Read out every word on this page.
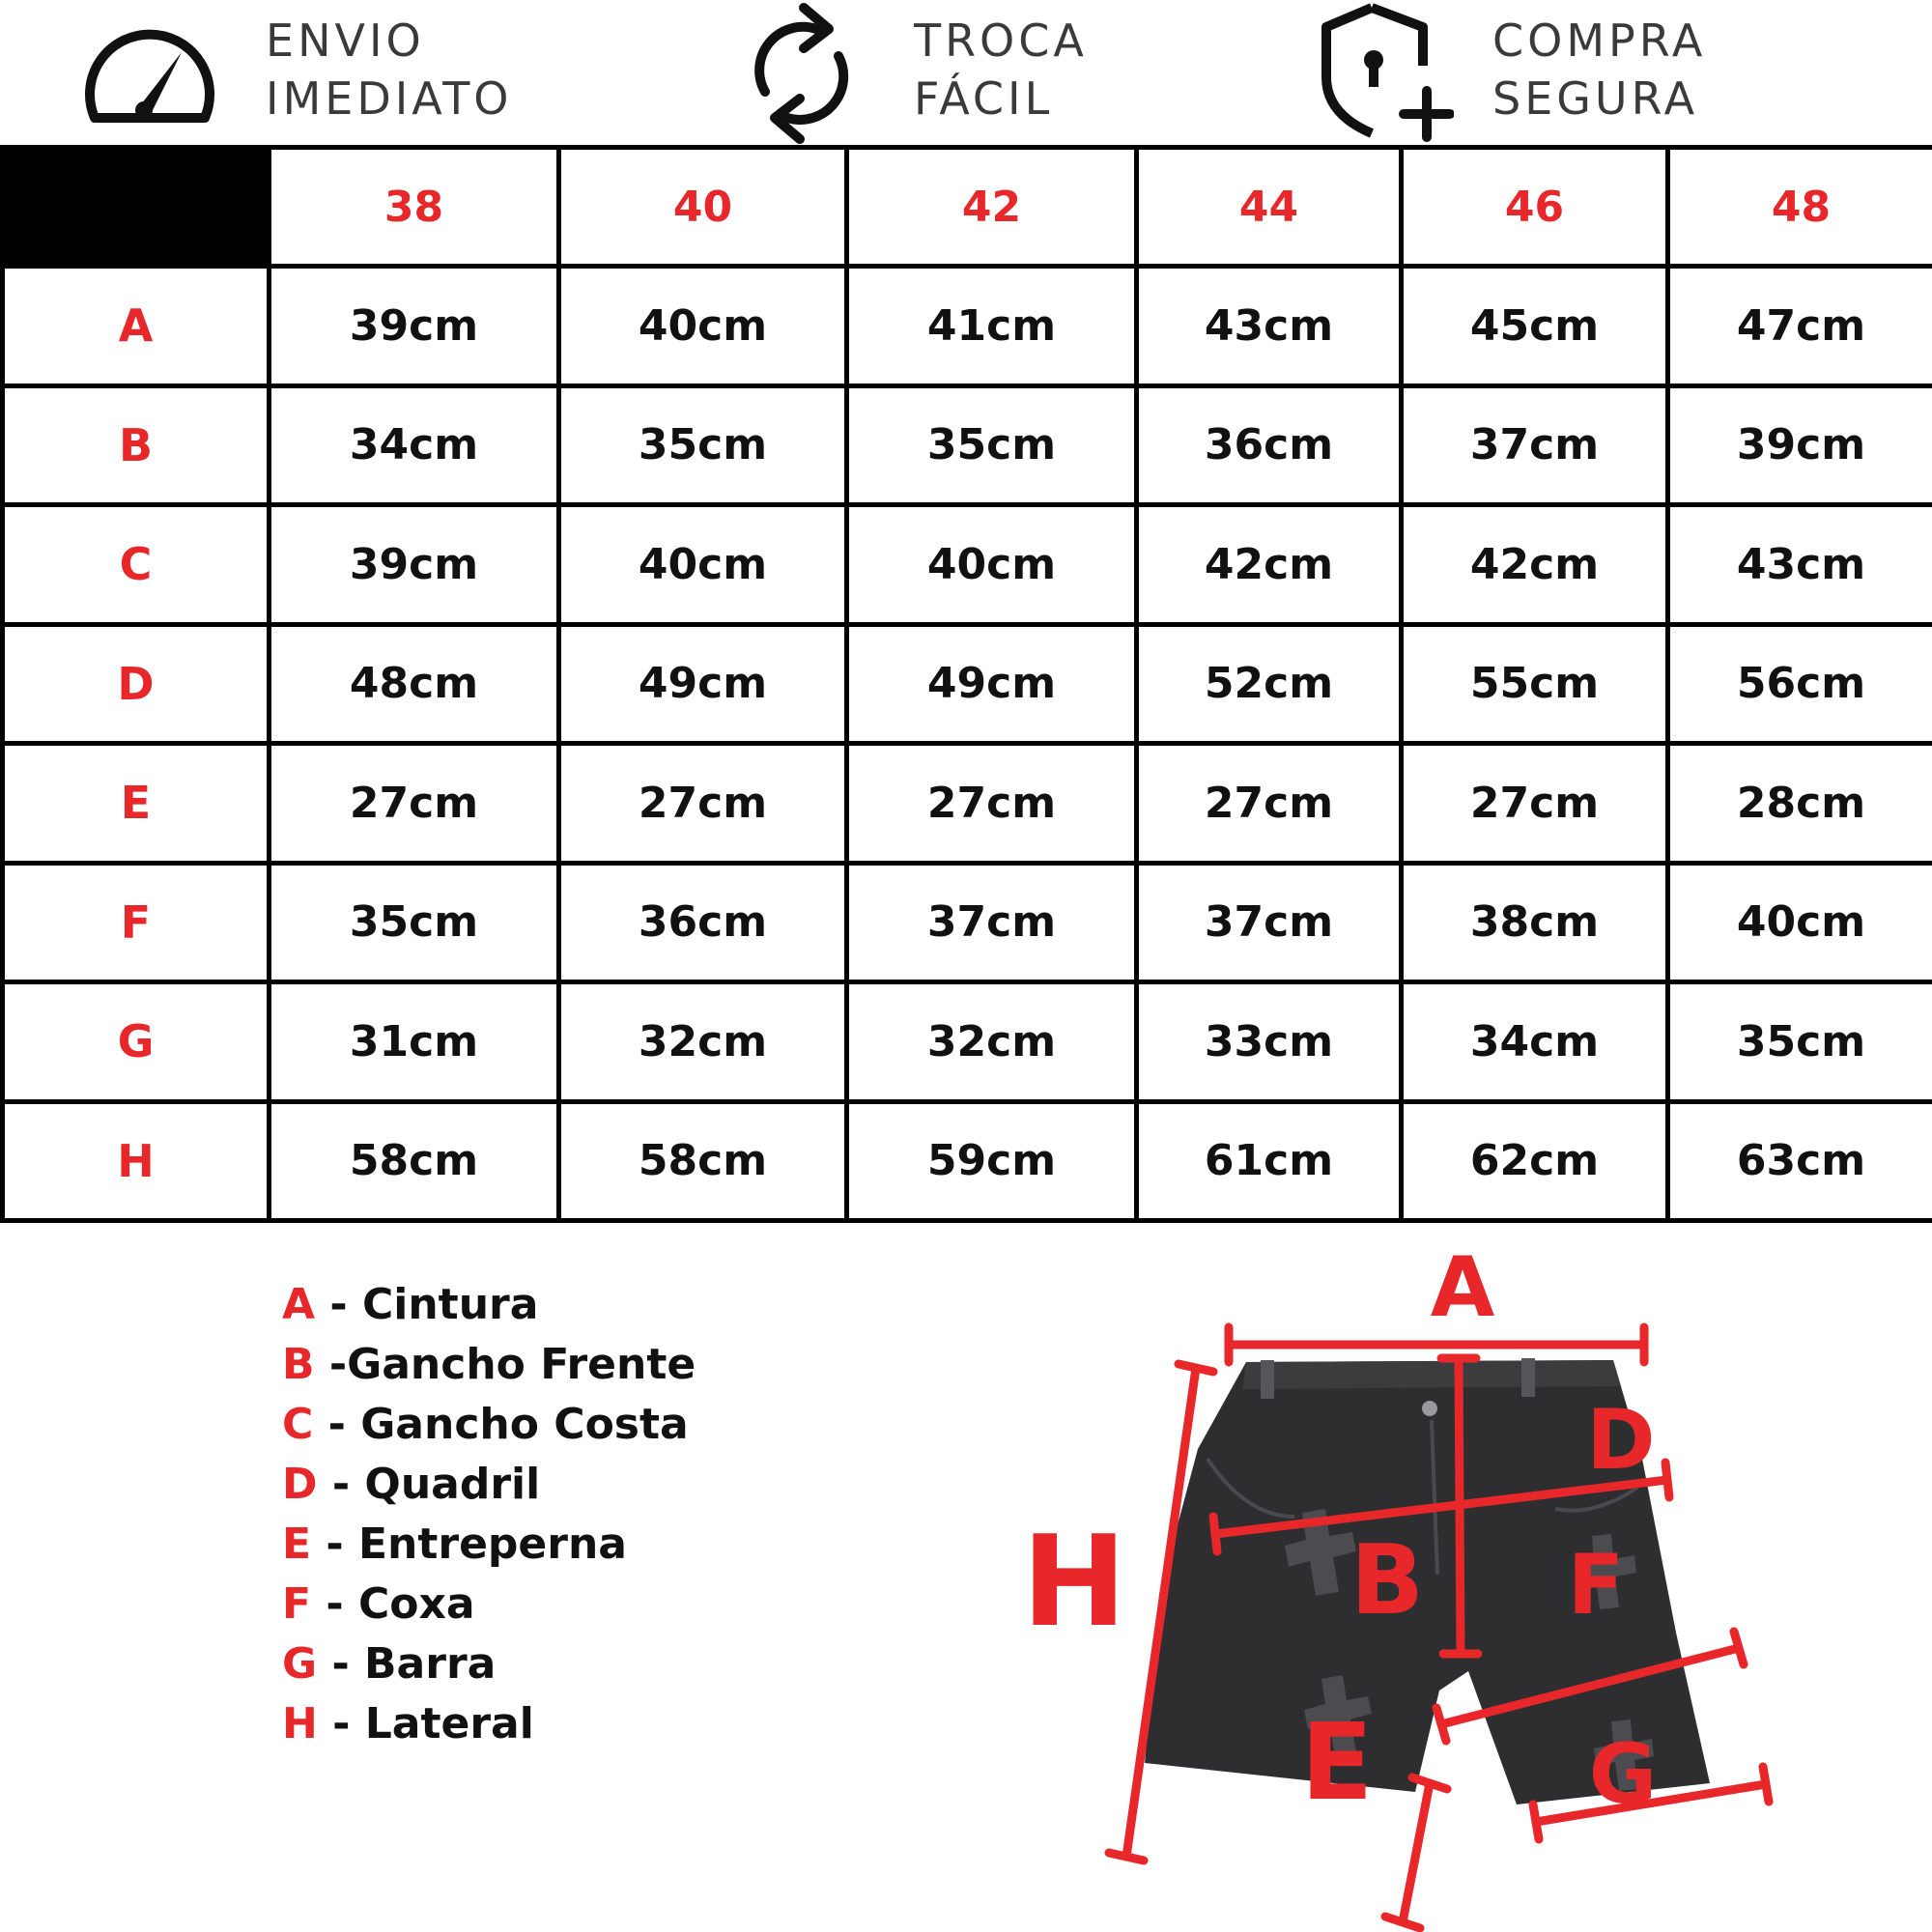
ENVIO
IMEDIATO
TROCA
FÁCIL
COMPRA
SEGURA
	38	40	42	44	46	48
A	39cm	40cm	41cm	43cm	45cm	47cm
B	34cm	35cm	35cm	36cm	37cm	39cm
C	39cm	40cm	40cm	42cm	42cm	43cm
D	48cm	49cm	49cm	52cm	55cm	56cm
E	27cm	27cm	27cm	27cm	27cm	28cm
F	35cm	36cm	37cm	37cm	38cm	40cm
G	31cm	32cm	32cm	33cm	34cm	35cm
H	58cm	58cm	59cm	61cm	62cm	63cm
A - Cintura
B -Gancho Frente
C - Gancho Costa
D - Quadril
E - Entreperna
F - Coxa
G - Barra
H - Lateral
A
H B
D
F
E	G
